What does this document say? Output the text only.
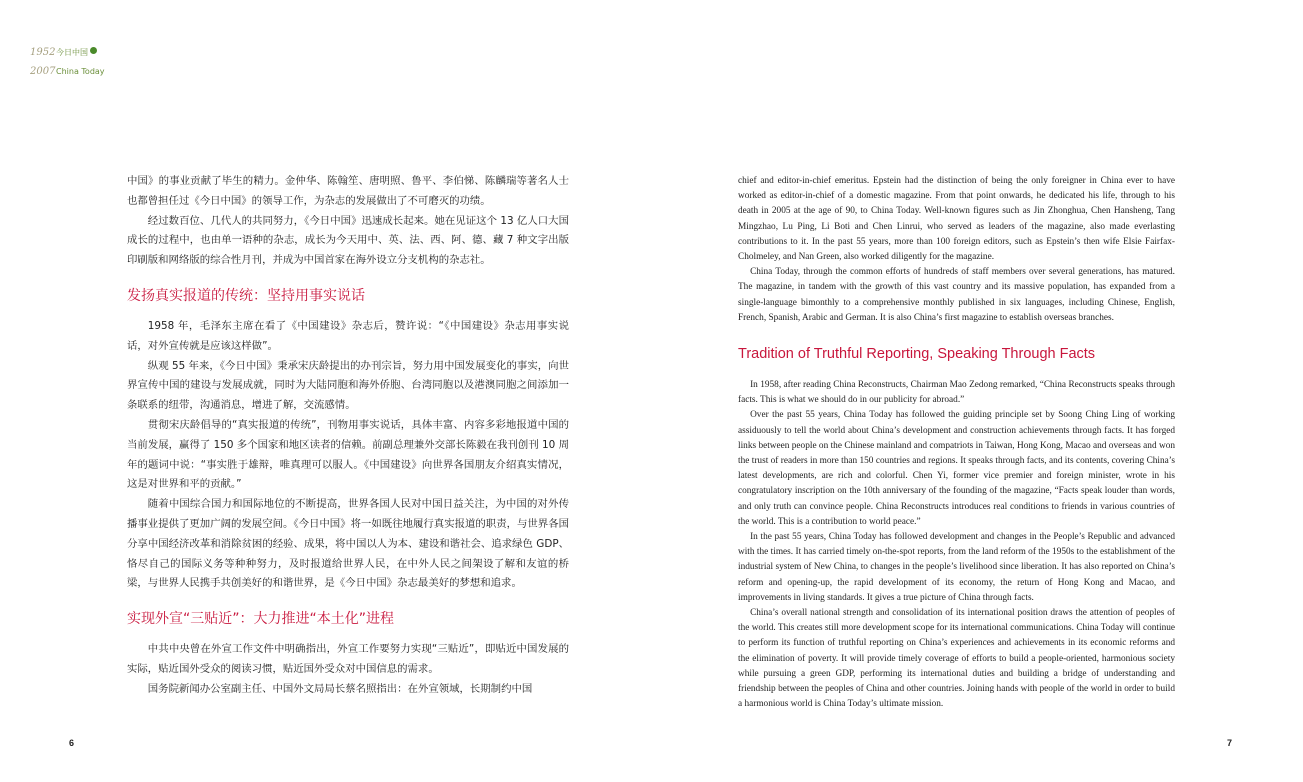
1952今日中国
2007China Today

中国》的事业贡献了毕生的精力。金仲华、陈翰笙、唐明照、鲁平、李伯悌、陈麟瑞等著名人士也都曾担任过《今日中国》的领导工作，为杂志的发展做出了不可磨灭的功绩。

经过数百位、几代人的共同努力，《今日中国》迅速成长起来。她在见证这个 13 亿人口大国成长的过程中，也由单一语种的杂志，成长为今天用中、英、法、西、阿、德、藏 7 种文字出版印刷版和网络版的综合性月刊，并成为中国首家在海外设立分支机构的杂志社。

发扬真实报道的传统：坚持用事实说话

1958 年，毛泽东主席在看了《中国建设》杂志后，赞许说：“《中国建设》杂志用事实说话，对外宣传就是应该这样做”。

纵观 55 年来，《今日中国》秉承宋庆龄提出的办刊宗旨，努力用中国发展变化的事实，向世界宣传中国的建设与发展成就，同时为大陆同胞和海外侨胞、台湾同胞以及港澳同胞之间添加一条联系的纽带，沟通消息，增进了解，交流感情。

贯彻宋庆龄倡导的“真实报道的传统”，刊物用事实说话，具体丰富、内容多彩地报道中国的当前发展，赢得了 150 多个国家和地区读者的信赖。前副总理兼外交部长陈毅在我刊创刊 10 周年的题词中说：“事实胜于雄辩，唯真理可以服人。《中国建设》向世界各国朋友介绍真实情况，这是对世界和平的贡献。”

随着中国综合国力和国际地位的不断提高，世界各国人民对中国日益关注，为中国的对外传播事业提供了更加广阔的发展空间。《今日中国》将一如既往地履行真实报道的职责，与世界各国分享中国经济改革和消除贫困的经验、成果，将中国以人为本、建设和谐社会、追求绿色 GDP、恪尽自己的国际义务等种种努力，及时报道给世界人民，在中外人民之间架设了解和友谊的桥梁，与世界人民携手共创美好的和谐世界，是《今日中国》杂志最美好的梦想和追求。

实现外宣“三贴近”：大力推进“本土化”进程

中共中央曾在外宣工作文件中明确指出，外宣工作要努力实现“三贴近”，即贴近中国发展的实际，贴近国外受众的阅读习惯，贴近国外受众对中国信息的需求。

国务院新闻办公室副主任、中国外文局局长蔡名照指出：在外宣领域，长期制约中国

chief and editor-in-chief emeritus. Epstein had the distinction of being the only foreigner in China ever to have worked as editor-in-chief of a domestic magazine. From that point onwards, he dedicated his life, through to his death in 2005 at the age of 90, to China Today. Well-known figures such as Jin Zhonghua, Chen Hansheng, Tang Mingzhao, Lu Ping, Li Boti and Chen Linrui, who served as leaders of the magazine, also made everlasting contributions to it. In the past 55 years, more than 100 foreign editors, such as Epstein’s then wife Elsie Fairfax-Cholmeley, and Nan Green, also worked diligently for the magazine.

China Today, through the common efforts of hundreds of staff members over several generations, has matured. The magazine, in tandem with the growth of this vast country and its massive population, has expanded from a single-language bimonthly to a comprehensive monthly published in six languages, including Chinese, English, French, Spanish, Arabic and German. It is also China’s first magazine to establish overseas branches.

Tradition of Truthful Reporting, Speaking Through Facts

In 1958, after reading China Reconstructs, Chairman Mao Zedong remarked, “China Reconstructs speaks through facts. This is what we should do in our publicity for abroad.”

Over the past 55 years, China Today has followed the guiding principle set by Soong Ching Ling of working assiduously to tell the world about China’s development and construction achievements through facts. It has forged links between people on the Chinese mainland and compatriots in Taiwan, Hong Kong, Macao and overseas and won the trust of readers in more than 150 countries and regions. It speaks through facts, and its contents, covering China’s latest developments, are rich and colorful. Chen Yi, former vice premier and foreign minister, wrote in his congratulatory inscription on the 10th anniversary of the founding of the magazine, “Facts speak louder than words, and only truth can convince people. China Reconstructs introduces real conditions to friends in various countries of the world. This is a contribution to world peace.”

In the past 55 years, China Today has followed development and changes in the People’s Republic and advanced with the times. It has carried timely on-the-spot reports, from the land reform of the 1950s to the establishment of the industrial system of New China, to changes in the people’s livelihood since liberation. It has also reported on China’s reform and opening-up, the rapid development of its economy, the return of Hong Kong and Macao, and improvements in living standards. It gives a true picture of China through facts.

China’s overall national strength and consolidation of its international position draws the attention of peoples of the world. This creates still more development scope for its international communications. China Today will continue to perform its function of truthful reporting on China’s experiences and achievements in its economic reforms and the elimination of poverty. It will provide timely coverage of efforts to build a people-oriented, harmonious society while pursuing a green GDP, performing its international duties and building a bridge of understanding and friendship between the peoples of China and other countries. Joining hands with people of the world in order to build a harmonious world is China Today’s ultimate mission.

6	7
